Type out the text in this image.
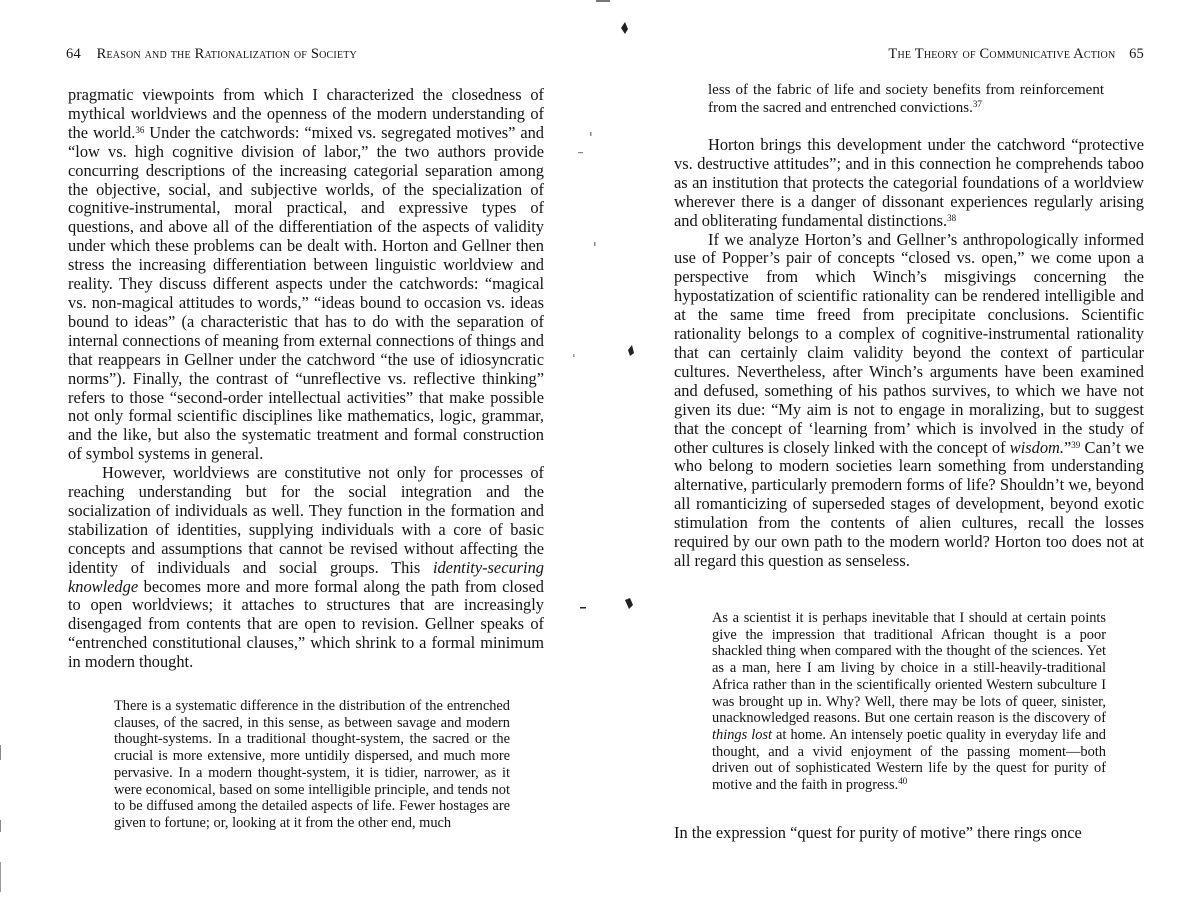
64 Reason and the Rationalization of Society

pragmatic viewpoints from which I characterized the closedness of mythical worldviews and the openness of the modern understanding of the world.$^{36}$ Under the catchwords: “mixed vs. segregated motives” and “low vs. high cognitive division of labor,” the two authors provide concurring descriptions of the increasing categorial separation among the objective, social, and subjective worlds, of the specialization of cognitive-instrumental, moral practical, and expressive types of questions, and above all of the differentiation of the aspects of validity under which these problems can be dealt with. Horton and Gellner then stress the increasing differentiation between linguistic worldview and reality. They discuss different aspects under the catchwords: “magical vs. non-magical attitudes to words,” “ideas bound to occasion vs. ideas bound to ideas” (a characteristic that has to do with the separation of internal connections of meaning from external connections of things and that reappears in Gellner under the catchword “the use of idiosyncratic norms”). Finally, the contrast of “unreflective vs. reflective thinking” refers to those “second-order intellectual activities” that make possible not only formal scientific disciplines like mathematics, logic, grammar, and the like, but also the systematic treatment and formal construction of symbol systems in general.

However, worldviews are constitutive not only for processes of reaching understanding but for the social integration and the socialization of individuals as well. They function in the formation and stabilization of identities, supplying individuals with a core of basic concepts and assumptions that cannot be revised without affecting the identity of individuals and social groups. This identity-securing knowledge becomes more and more formal along the path from closed to open worldviews; it attaches to structures that are increasingly disengaged from contents that are open to revision. Gellner speaks of “entrenched constitutional clauses,” which shrink to a formal minimum in modern thought.

There is a systematic difference in the distribution of the entrenched clauses, of the sacred, in this sense, as between savage and modern thought-systems. In a traditional thought-system, the sacred or the crucial is more extensive, more untidily dispersed, and much more pervasive. In a modern thought-system, it is tidier, narrower, as it were economical, based on some intelligible principle, and tends not to be diffused among the detailed aspects of life. Fewer hostages are given to fortune; or, looking at it from the other end, much

The Theory of Communicative Action 65

less of the fabric of life and society benefits from reinforcement from the sacred and entrenched convictions.$^{37}$

Horton brings this development under the catchword “protective vs. destructive attitudes”; and in this connection he comprehends taboo as an institution that protects the categorial foundations of a worldview wherever there is a danger of dissonant experiences regularly arising and obliterating fundamental distinctions.$^{38}$

If we analyze Horton’s and Gellner’s anthropologically informed use of Popper’s pair of concepts “closed vs. open,” we come upon a perspective from which Winch’s misgivings concerning the hypostatization of scientific rationality can be rendered intelligible and at the same time freed from precipitate conclusions. Scientific rationality belongs to a complex of cognitive-instrumental rationality that can certainly claim validity beyond the context of particular cultures. Nevertheless, after Winch’s arguments have been examined and defused, something of his pathos survives, to which we have not given its due: “My aim is not to engage in moralizing, but to suggest that the concept of ‘learning from’ which is involved in the study of other cultures is closely linked with the concept of wisdom.”$^{39}$ Can’t we who belong to modern societies learn something from understanding alternative, particularly premodern forms of life? Shouldn’t we, beyond all romanticizing of superseded stages of development, beyond exotic stimulation from the contents of alien cultures, recall the losses required by our own path to the modern world? Horton too does not at all regard this question as senseless.

As a scientist it is perhaps inevitable that I should at certain points give the impression that traditional African thought is a poor shackled thing when compared with the thought of the sciences. Yet as a man, here I am living by choice in a still-heavily-traditional Africa rather than in the scientifically oriented Western subculture I was brought up in. Why? Well, there may be lots of queer, sinister, unacknowledged reasons. But one certain reason is the discovery of things lost at home. An intensely poetic quality in everyday life and thought, and a vivid enjoyment of the passing moment—both driven out of sophisticated Western life by the quest for purity of motive and the faith in progress.$^{40}$

In the expression “quest for purity of motive” there rings once
